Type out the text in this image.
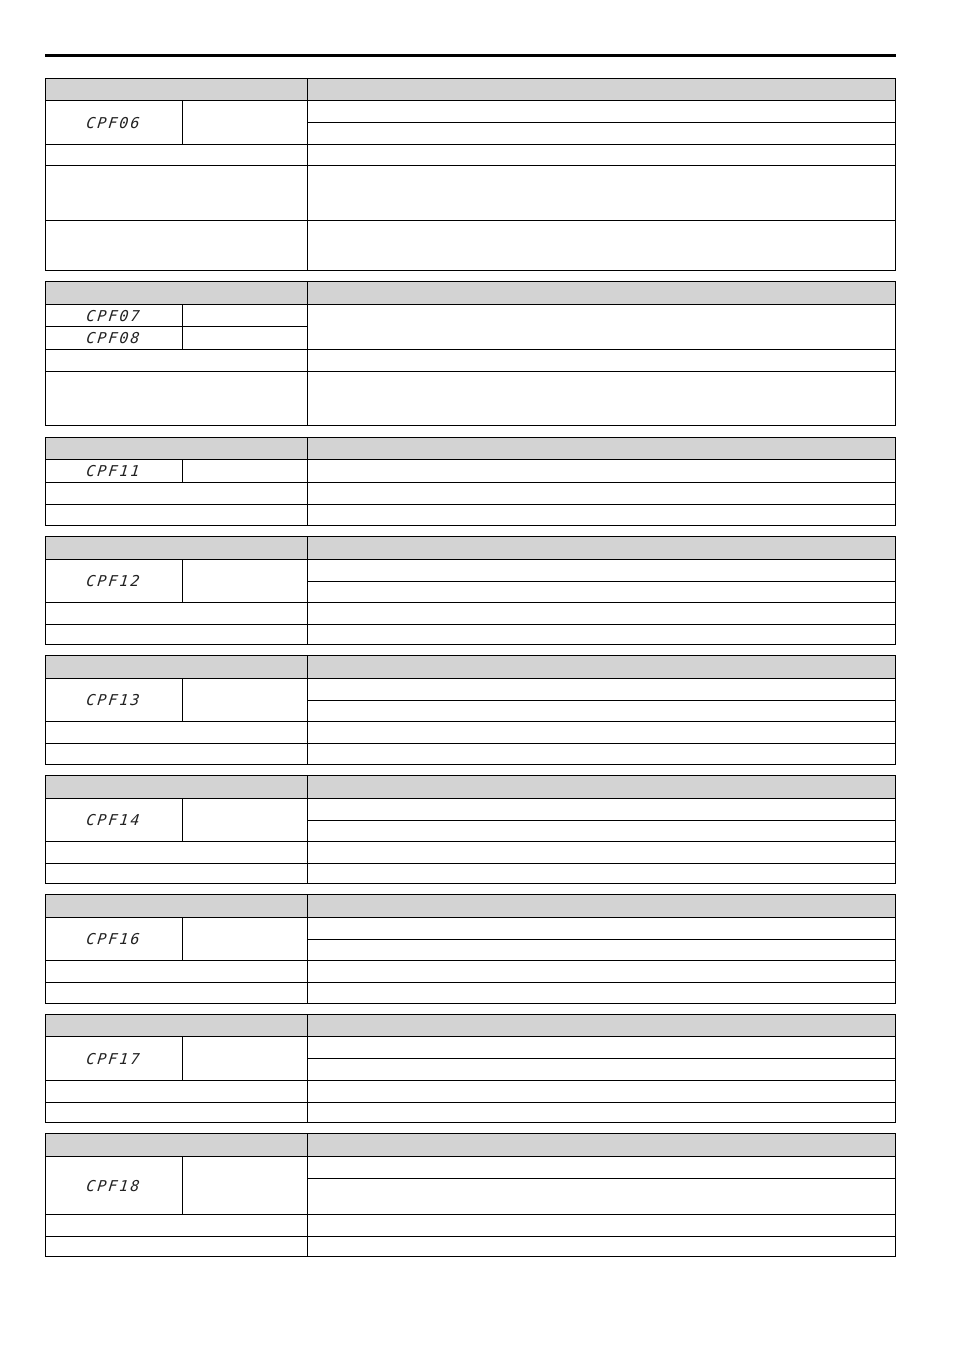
CPF06
CPF07
CPF08
CPF11
CPF12
CPF13
CPF14
CPF16
CPF17
CPF18
